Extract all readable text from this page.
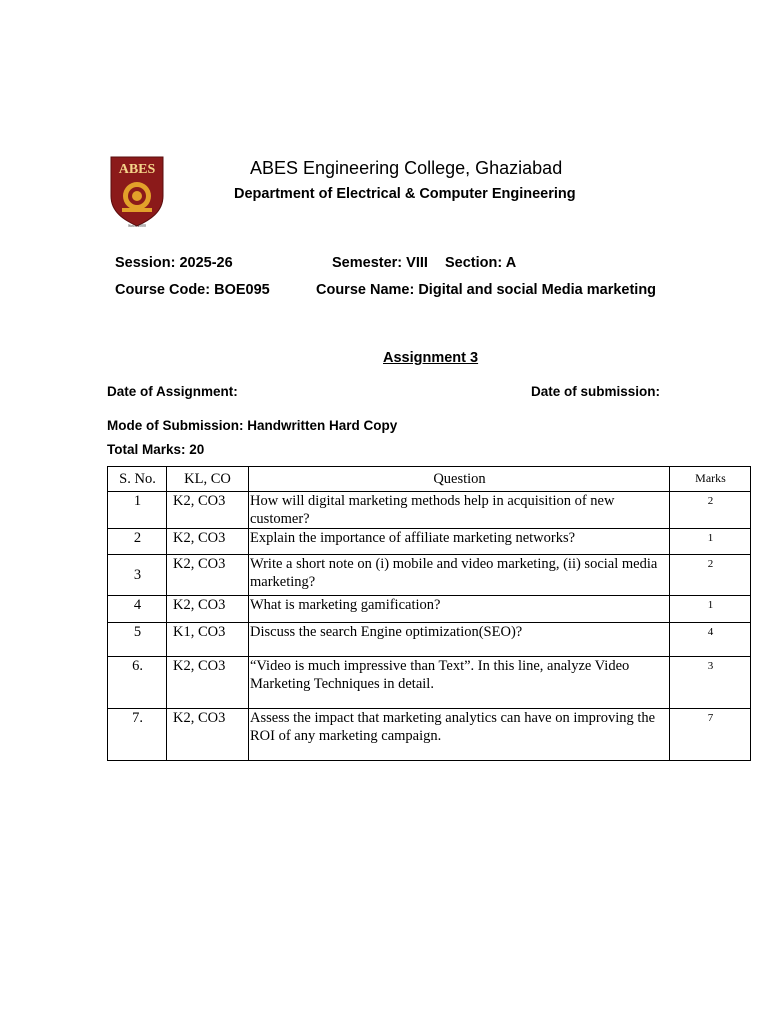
ABES
Since 2000
ABES Engineering College, Ghaziabad
Department of Electrical & Computer Engineering
Session: 2025-26	Semester: VIII Section: A
Course Code: BOE095	Course Name: Digital and social Media marketing
Assignment 3
Date of Assignment:	Date of submission:
Mode of Submission: Handwritten Hard Copy
Total Marks: 20
S. No.	KL, CO	Question	Marks
1	K2, CO3	How will digital marketing methods help in acquisition of new customer?	2
2	K2, CO3	Explain the importance of affiliate marketing networks?	1
3	K2, CO3	Write a short note on (i) mobile and video marketing, (ii) social media marketing?	2
4	K2, CO3	What is marketing gamification?	1
5	K1, CO3	Discuss the search Engine optimization(SEO)?	4
6.	K2, CO3	“Video is much impressive than Text”. In this line, analyze Video Marketing Techniques in detail.	3
7.	K2, CO3	Assess the impact that marketing analytics can have on improving the ROI of any marketing campaign.	7
